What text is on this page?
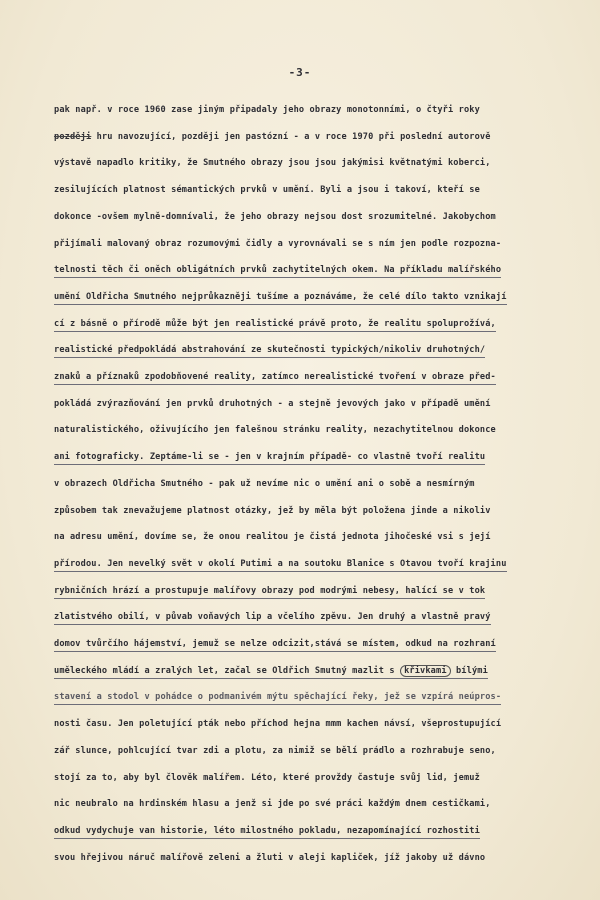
-3-
pak např. v roce 1960 zase jiným připadaly jeho obrazy monotonními, o čtyři roky
později hru navozující, později jen pastózní - a v roce 1970 při poslední autorově
výstavě napadlo kritiky, že Smutného obrazy jsou jsou jakýmisi květnatými koberci,
zesilujících platnost sémantických prvků v umění. Byli a jsou i takoví, kteří se
dokonce -ovšem mylně-domnívali, že jeho obrazy nejsou dost srozumitelné. Jakobychom
přijímali malovaný obraz rozumovými čidly a vyrovnávali se s ním jen podle rozpozna-
telnosti těch či oněch obligátních prvků zachytitelných okem. Na příkladu malířského
umění Oldřicha Smutného nejprůkazněji tušíme a poznáváme, že celé dílo takto vznikají
cí z básně o přírodě může být jen realistické právě proto, že realitu spoluprožívá,
realistické předpokládá abstrahování ze skutečnosti typických/nikoliv druhotných/
znaků a příznaků zpodobňovené reality, zatímco nerealistické tvoření v obraze před-
pokládá zvýrazňování jen prvků druhotných - a stejně jevových jako v případě umění
naturalistického, oživujícího jen falešnou stránku reality, nezachytitelnou dokonce
ani fotograficky. Zeptáme-li se - jen v krajním případě- co vlastně tvoří realitu
v obrazech Oldřicha Smutného - pak už nevíme nic o umění ani o sobě a nesmírným
způsobem tak znevažujeme platnost otázky, jež by měla být položena jinde a nikoliv
na adresu umění, dovíme se, že onou realitou je čistá jednota jihočeské vsi s její
přírodou. Jen nevelký svět v okolí Putimi a na soutoku Blanice s Otavou tvoří krajinu
rybničních hrází a prostupuje malířovy obrazy pod modrými nebesy, halící se v tok
zlatistvého obilí, v půvab voňavých lip a včelího zpěvu. Jen druhý a vlastně pravý
domov tvůrčího hájemství, jemuž se nelze odcizit,stává se místem, odkud na rozhraní
uměleckého mládí a zralých let, začal se Oldřich Smutný mazlit s křivkami bílými
stavení a stodol v pohádce o podmanivém mýtu spěchající řeky, jež se vzpírá neúpros-
nosti času. Jen poletující pták nebo příchod hejna mmm kachen návsí, všeprostupující
zář slunce, pohlcující tvar zdi a plotu, za nimiž se bělí prádlo a rozhrabuje seno,
stojí za to, aby byl člověk malířem. Léto, které provždy častuje svůj lid, jemuž
nic neubralo na hrdinském hlasu a jenž si jde po své práci každým dnem cestičkami,
odkud vydychuje van historie, léto milostného pokladu, nezapomínající rozhostiti
svou hřejivou náruč malířově zeleni a žluti v aleji kapliček, jíž jakoby už dávno
